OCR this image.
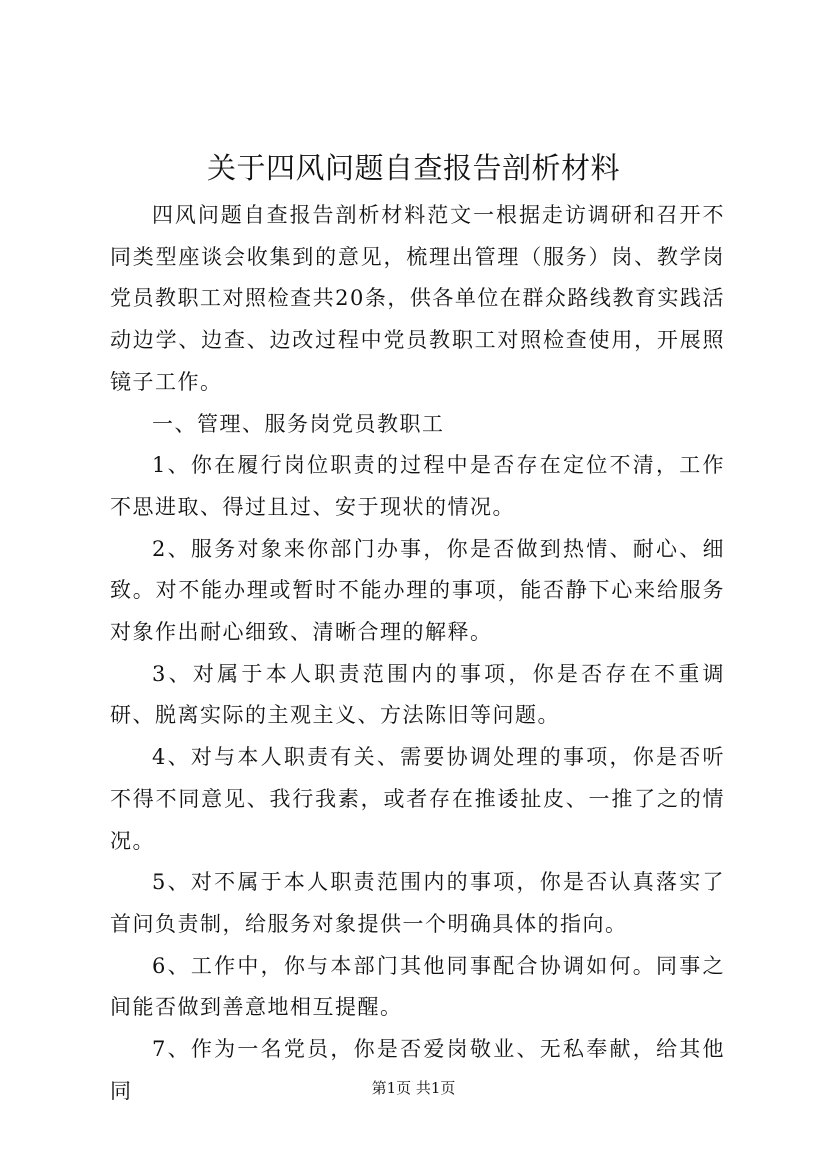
关于四风问题自查报告剖析材料

四风问题自查报告剖析材料范文一根据走访调研和召开不同类型座谈会收集到的意见，梳理出管理（服务）岗、教学岗党员教职工对照检查共20条，供各单位在群众路线教育实践活动边学、边查、边改过程中党员教职工对照检查使用，开展照镜子工作。

一、管理、服务岗党员教职工

1、你在履行岗位职责的过程中是否存在定位不清，工作不思进取、得过且过、安于现状的情况。

2、服务对象来你部门办事，你是否做到热情、耐心、细致。对不能办理或暂时不能办理的事项，能否静下心来给服务对象作出耐心细致、清晰合理的解释。

3、对属于本人职责范围内的事项，你是否存在不重调研、脱离实际的主观主义、方法陈旧等问题。

4、对与本人职责有关、需要协调处理的事项，你是否听不得不同意见、我行我素，或者存在推诿扯皮、一推了之的情况。

5、对不属于本人职责范围内的事项，你是否认真落实了首问负责制，给服务对象提供一个明确具体的指向。

6、工作中，你与本部门其他同事配合协调如何。同事之间能否做到善意地相互提醒。

7、作为一名党员，你是否爱岗敬业、无私奉献，给其他同	第1页 共1页
